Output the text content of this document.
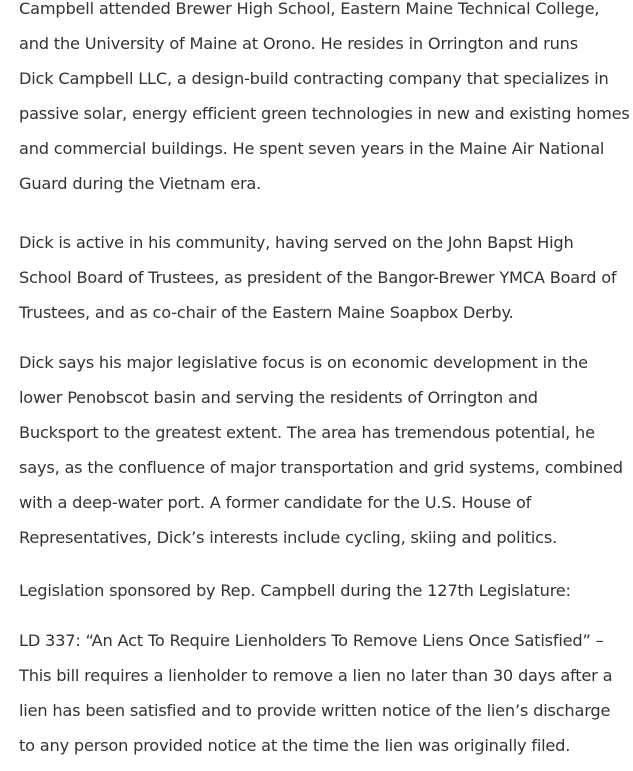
Campbell attended Brewer High School, Eastern Maine Technical College,
and the University of Maine at Orono. He resides in Orrington and runs
Dick Campbell LLC, a design-build contracting company that specializes in
passive solar, energy efficient green technologies in new and existing homes
and commercial buildings. He spent seven years in the Maine Air National
Guard during the Vietnam era.

Dick is active in his community, having served on the John Bapst High
School Board of Trustees, as president of the Bangor-Brewer YMCA Board of
Trustees, and as co-chair of the Eastern Maine Soapbox Derby.

Dick says his major legislative focus is on economic development in the
lower Penobscot basin and serving the residents of Orrington and
Bucksport to the greatest extent. The area has tremendous potential, he
says, as the confluence of major transportation and grid systems, combined
with a deep-water port. A former candidate for the U.S. House of
Representatives, Dick’s interests include cycling, skiing and politics.

Legislation sponsored by Rep. Campbell during the 127th Legislature:

LD 337: “An Act To Require Lienholders To Remove Liens Once Satisfied” –
This bill requires a lienholder to remove a lien no later than 30 days after a
lien has been satisfied and to provide written notice of the lien’s discharge
to any person provided notice at the time the lien was originally filed.
